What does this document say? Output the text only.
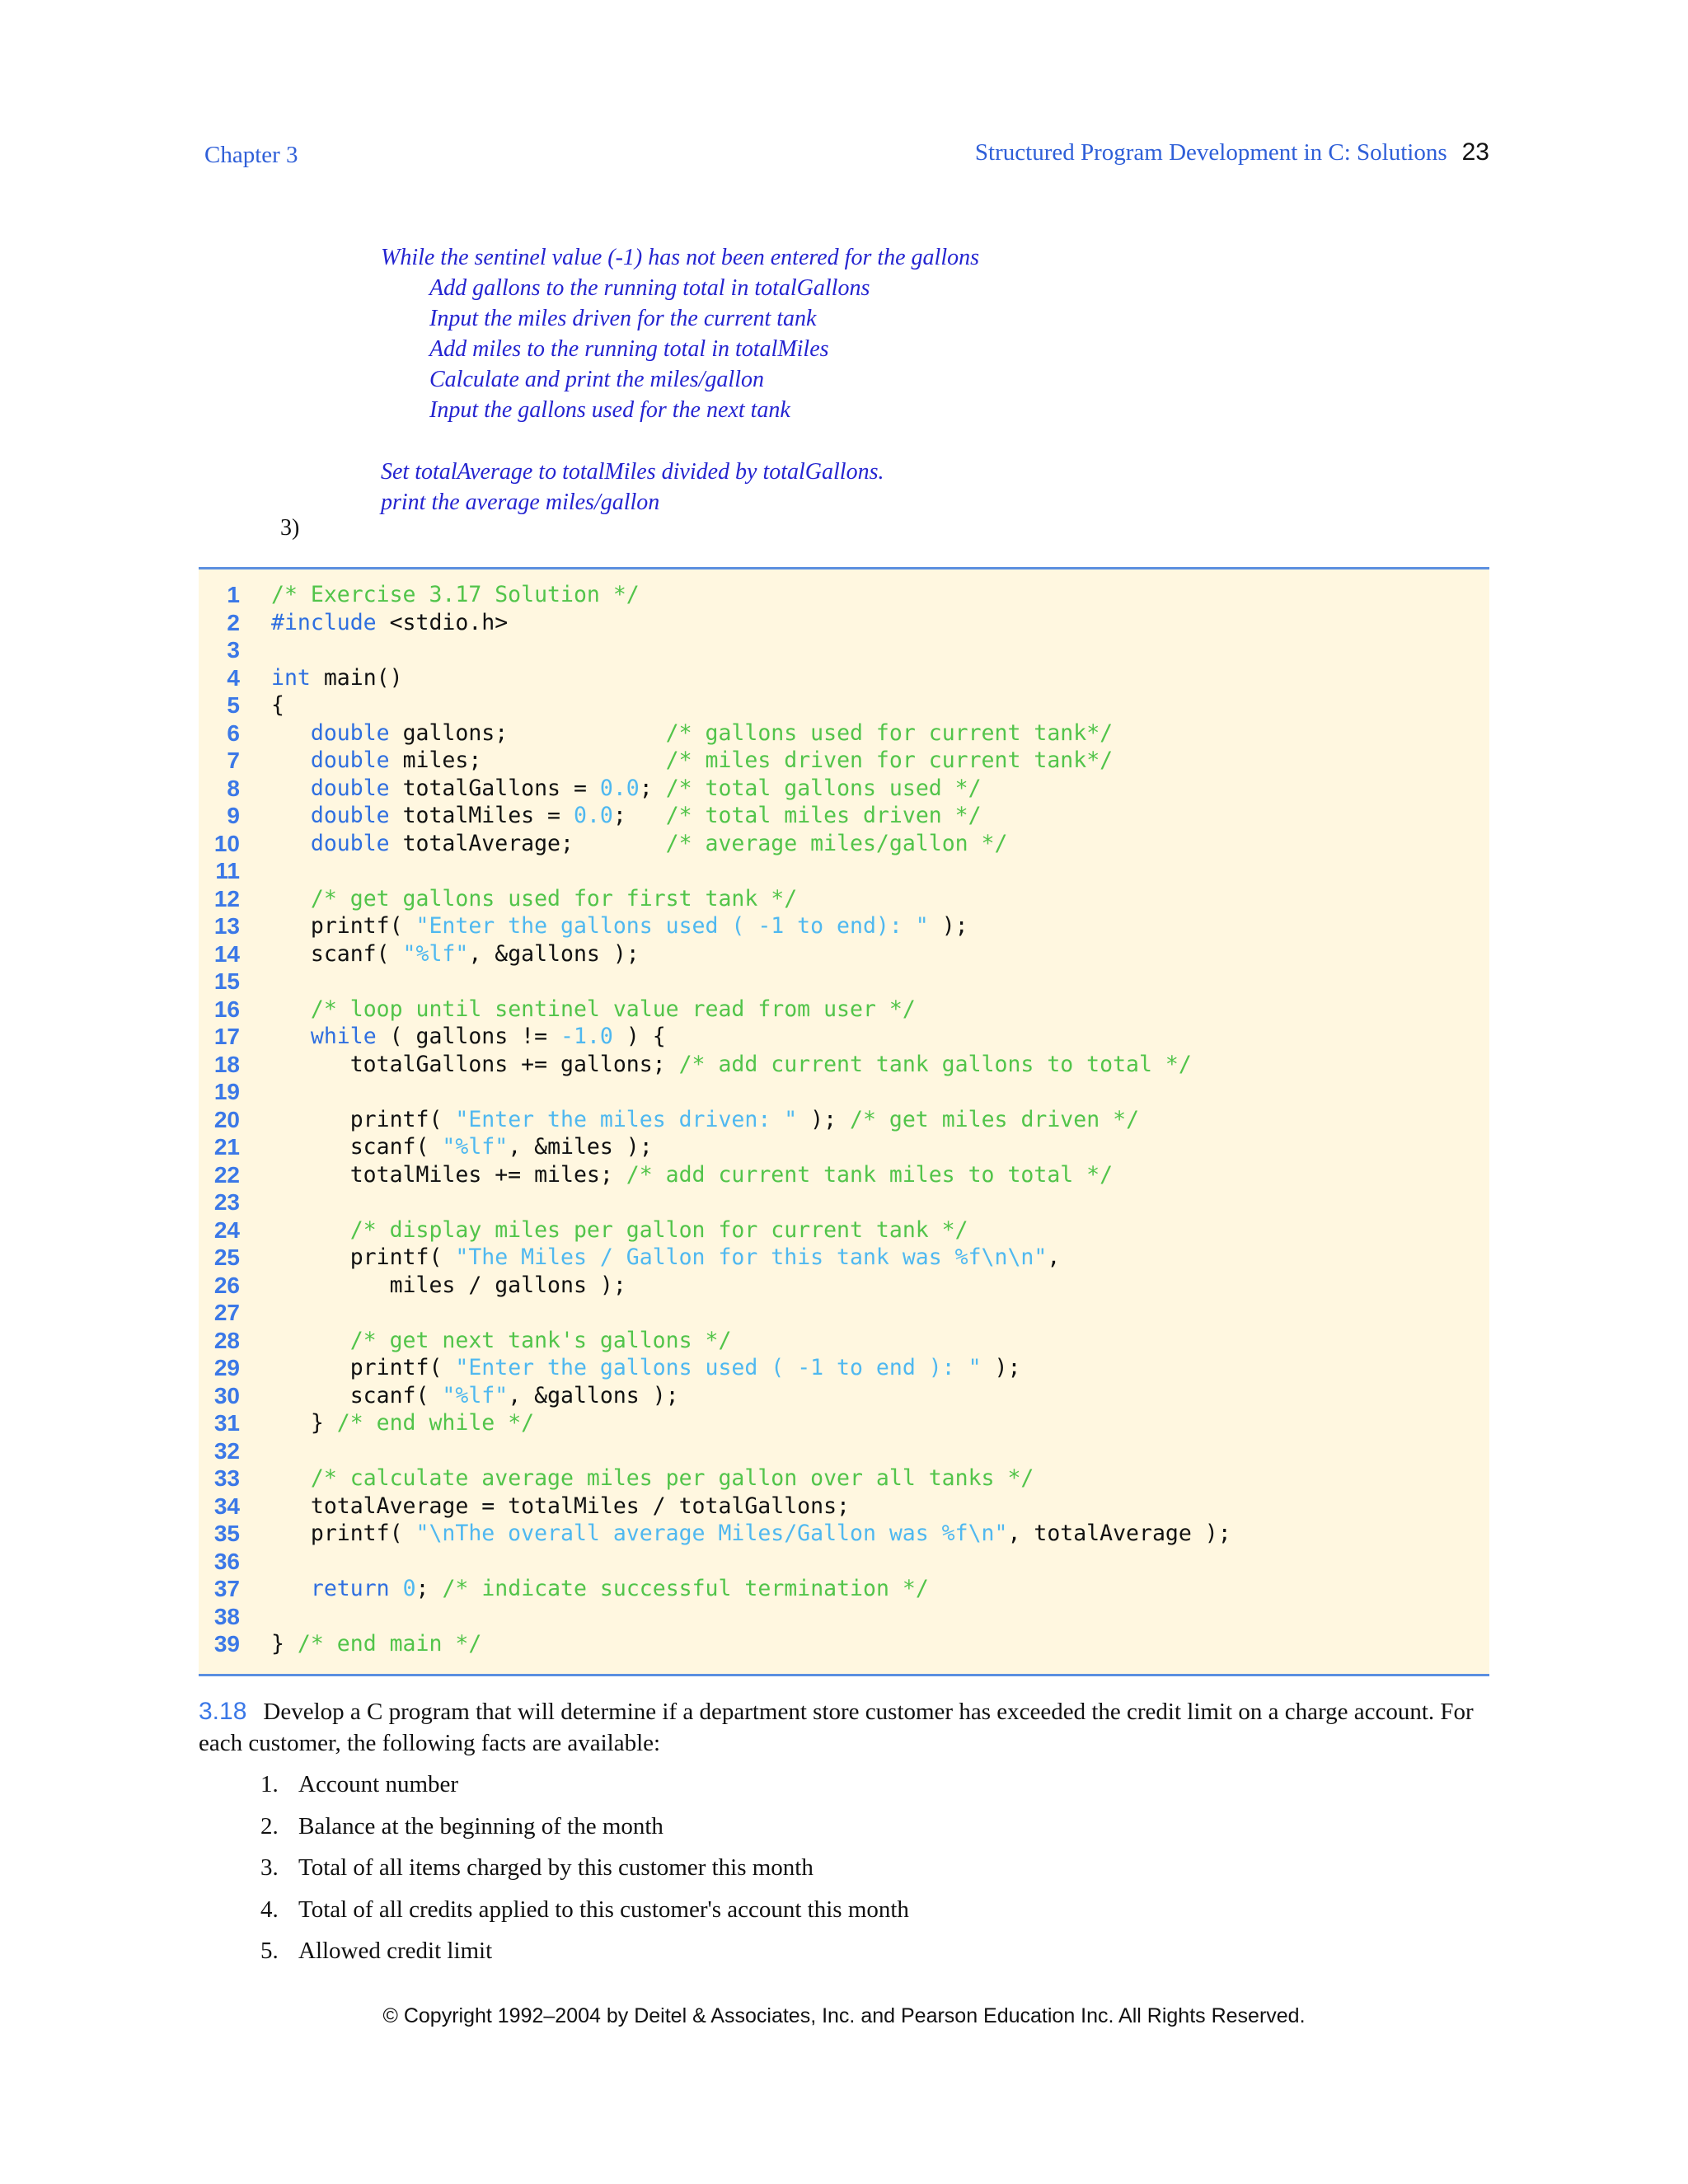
Chapter 3	Structured Program Development in C: Solutions 23
While the sentinel value (-1) has not been entered for the gallons
Add gallons to the running total in totalGallons
Input the miles driven for the current tank
Add miles to the running total in totalMiles
Calculate and print the miles/gallon
Input the gallons used for the next tank
Set totalAverage to totalMiles divided by totalGallons.
print the average miles/gallon
3)
1 /* Exercise 3.17 Solution */
2 #include <stdio.h>
3
4 int main()
5 {
6	double gallons;            /* gallons used for current tank*/
7	double miles;              /* miles driven for current tank*/
8	double totalGallons = 0.0; /* total gallons used */
9	double totalMiles = 0.0;   /* total miles driven */
10	double totalAverage;       /* average miles/gallon */
11
12	/* get gallons used for first tank */
13 printf( "Enter the gallons used ( -1 to end): " );
14 scanf( "%lf", &gallons );
15
16	/* loop until sentinel value read from user */
17	while ( gallons != -1.0 ) {
18 totalGallons += gallons; /* add current tank gallons to total */
19
20 printf( "Enter the miles driven: " ); /* get miles driven */
21 scanf( "%lf", &miles );
22 totalMiles += miles; /* add current tank miles to total */
23
24	/* display miles per gallon for current tank */
25 printf( "The Miles / Gallon for this tank was %f\n\n",
26 miles / gallons );
27
28	/* get next tank's gallons */
29 printf( "Enter the gallons used ( -1 to end ): " );
30 scanf( "%lf", &gallons );
31 } /* end while */
32
33	/* calculate average miles per gallon over all tanks */
34 totalAverage = totalMiles / totalGallons;
35 printf( "\nThe overall average Miles/Gallon was %f\n", totalAverage );
36
37	return 0; /* indicate successful termination */
38
39 } /* end main */
3.18 Develop a C program that will determine if a department store customer has exceeded the credit limit on a charge account. For each customer, the following facts are available:
1. Account number
2. Balance at the beginning of the month
3. Total of all items charged by this customer this month
4. Total of all credits applied to this customer's account this month
5. Allowed credit limit
© Copyright 1992–2004 by Deitel & Associates, Inc. and Pearson Education Inc. All Rights Reserved.
